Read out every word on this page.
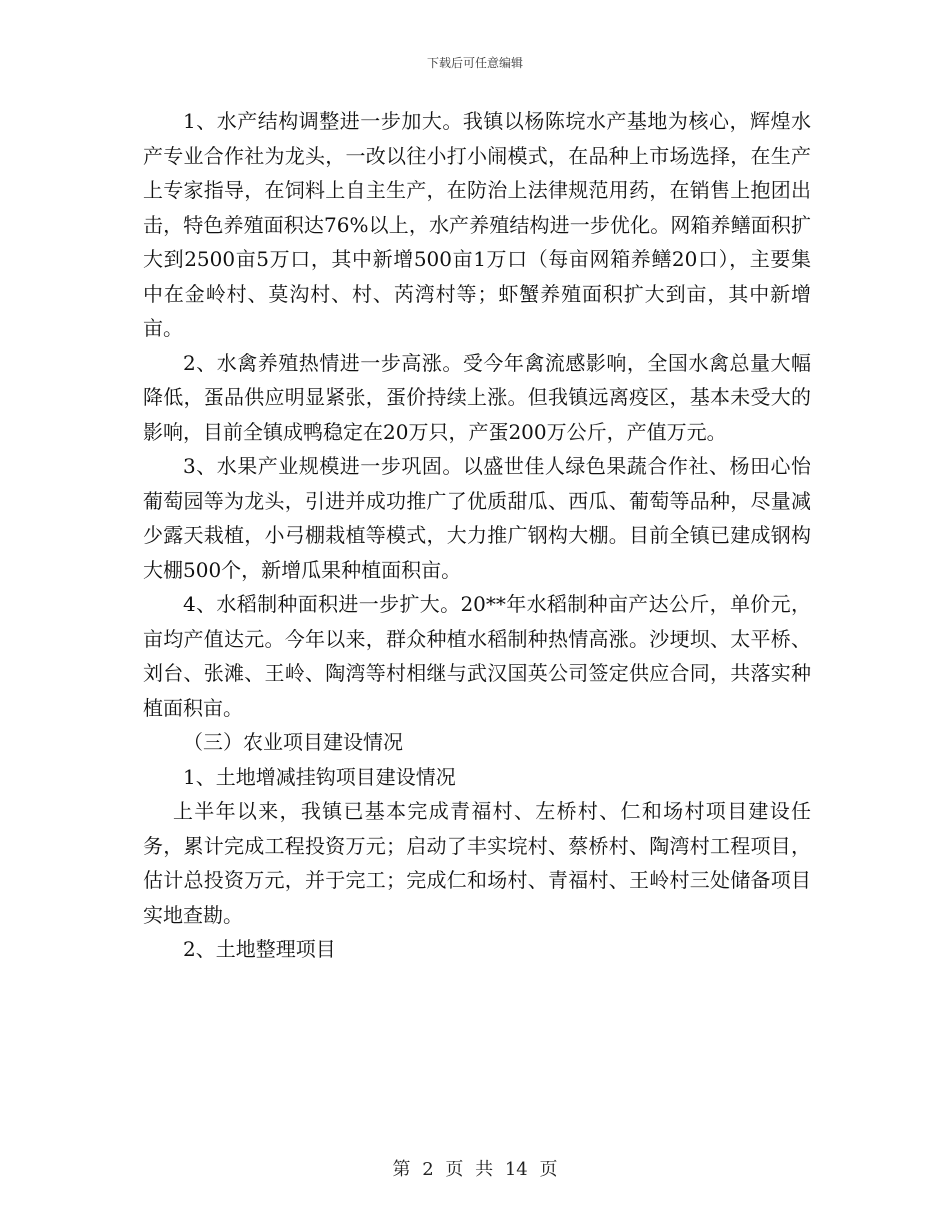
下载后可任意编辑

1、水产结构调整进一步加大。我镇以杨陈垸水产基地为核心，辉煌水产专业合作社为龙头，一改以往小打小闹模式，在品种上市场选择，在生产上专家指导，在饲料上自主生产，在防治上法律规范用药，在销售上抱团出击，特色养殖面积达76%以上，水产养殖结构进一步优化。网箱养鳝面积扩大到2500亩5万口，其中新增500亩1万口（每亩网箱养鳝20口），主要集中在金岭村、莫沟村、村、芮湾村等；虾蟹养殖面积扩大到亩，其中新增亩。

2、水禽养殖热情进一步高涨。受今年禽流感影响，全国水禽总量大幅降低，蛋品供应明显紧张，蛋价持续上涨。但我镇远离疫区，基本未受大的影响，目前全镇成鸭稳定在20万只，产蛋200万公斤，产值万元。

3、水果产业规模进一步巩固。以盛世佳人绿色果蔬合作社、杨田心怡葡萄园等为龙头，引进并成功推广了优质甜瓜、西瓜、葡萄等品种，尽量减少露天栽植，小弓棚栽植等模式，大力推广钢构大棚。目前全镇已建成钢构大棚500个，新增瓜果种植面积亩。

4、水稻制种面积进一步扩大。20**年水稻制种亩产达公斤，单价元，亩均产值达元。今年以来，群众种植水稻制种热情高涨。沙埂坝、太平桥、刘台、张滩、王岭、陶湾等村相继与武汉国英公司签定供应合同，共落实种植面积亩。

（三）农业项目建设情况

1、土地增减挂钩项目建设情况

上半年以来，我镇已基本完成青福村、左桥村、仁和场村项目建设任务，累计完成工程投资万元；启动了丰实垸村、蔡桥村、陶湾村工程项目，估计总投资万元，并于完工；完成仁和场村、青福村、王岭村三处储备项目实地查勘。

2、土地整理项目

第 2 页 共 14 页
